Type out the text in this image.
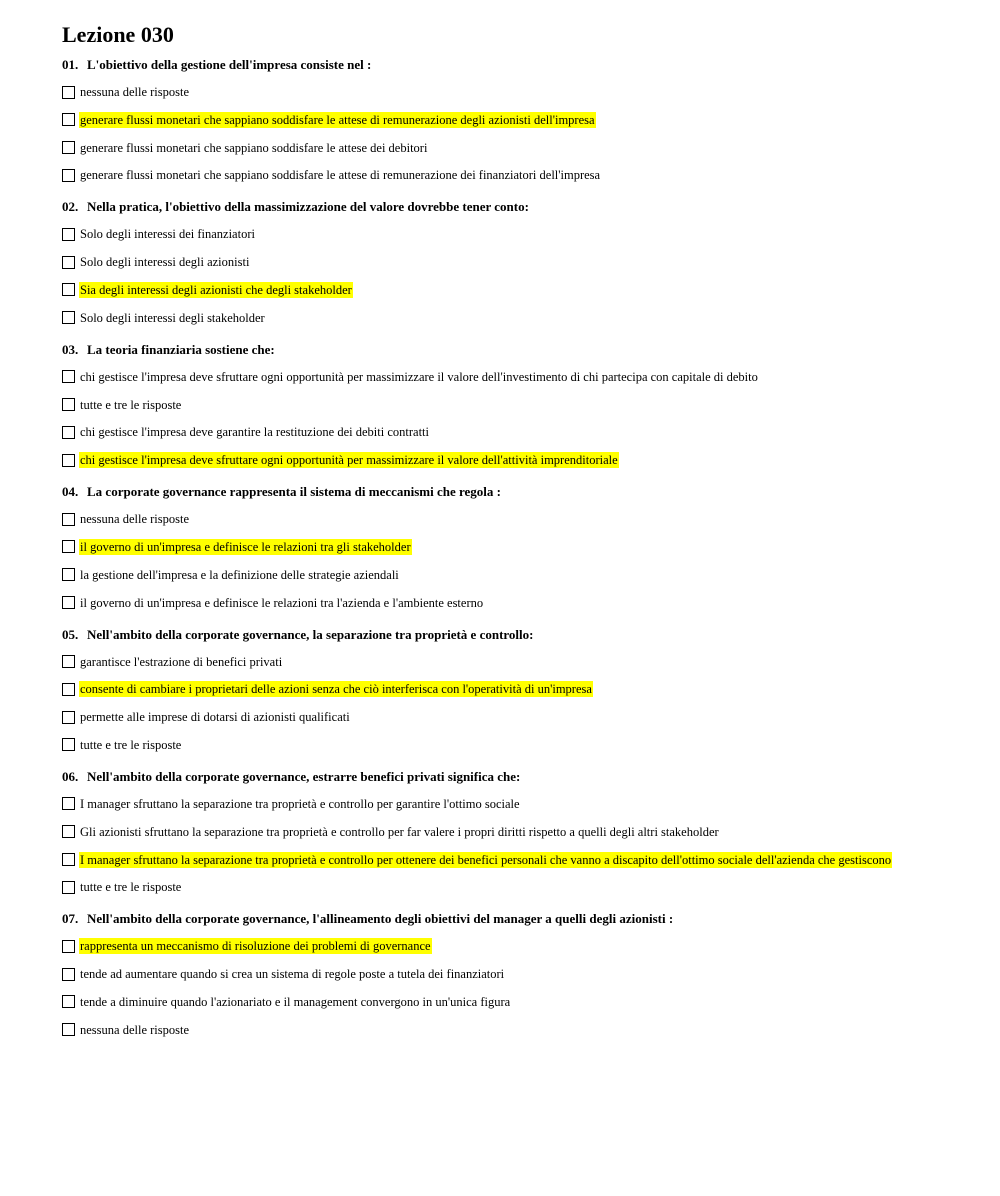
Lezione 030
01. L'obiettivo della gestione dell'impresa consiste nel :
nessuna delle risposte
generare flussi monetari che sappiano soddisfare le attese di remunerazione degli azionisti dell'impresa
generare flussi monetari che sappiano soddisfare le attese dei debitori
generare flussi monetari che sappiano soddisfare le attese di remunerazione dei finanziatori dell'impresa
02. Nella pratica, l'obiettivo della massimizzazione del valore dovrebbe tener conto:
Solo degli interessi dei finanziatori
Solo degli interessi degli azionisti
Sia degli interessi degli azionisti che degli stakeholder
Solo degli interessi degli stakeholder
03. La teoria finanziaria sostiene che:
chi gestisce l'impresa deve sfruttare ogni opportunità per massimizzare il valore dell'investimento di chi partecipa con capitale di debito
tutte e tre le risposte
chi gestisce l'impresa deve garantire la restituzione dei debiti contratti
chi gestisce l'impresa deve sfruttare ogni opportunità per massimizzare il valore dell'attività imprenditoriale
04. La corporate governance rappresenta il sistema di meccanismi che regola :
nessuna delle risposte
il governo di un'impresa e definisce le relazioni tra gli stakeholder
la gestione dell'impresa e la definizione delle strategie aziendali
il governo di un'impresa e definisce le relazioni tra l'azienda e l'ambiente esterno
05. Nell'ambito della corporate governance, la separazione tra proprietà e controllo:
garantisce l'estrazione di benefici privati
consente di cambiare i proprietari delle azioni senza che ciò interferisca con l'operatività di un'impresa
permette alle imprese di dotarsi di azionisti qualificati
tutte e tre le risposte
06. Nell'ambito della corporate governance, estrarre benefici privati significa che:
I manager sfruttano la separazione tra proprietà e controllo per garantire l'ottimo sociale
Gli azionisti sfruttano la separazione tra proprietà e controllo per far valere i propri diritti rispetto a quelli degli altri stakeholder
I manager sfruttano la separazione tra proprietà e controllo per ottenere dei benefici personali che vanno a discapito dell'ottimo sociale dell'azienda che gestiscono
tutte e tre le risposte
07. Nell'ambito della corporate governance, l'allineamento degli obiettivi del manager a quelli degli azionisti :
rappresenta un meccanismo di risoluzione dei problemi di governance
tende ad aumentare quando si crea un sistema di regole poste a tutela dei finanziatori
tende a diminuire quando l'azionariato e il management convergono in un'unica figura
nessuna delle risposte
